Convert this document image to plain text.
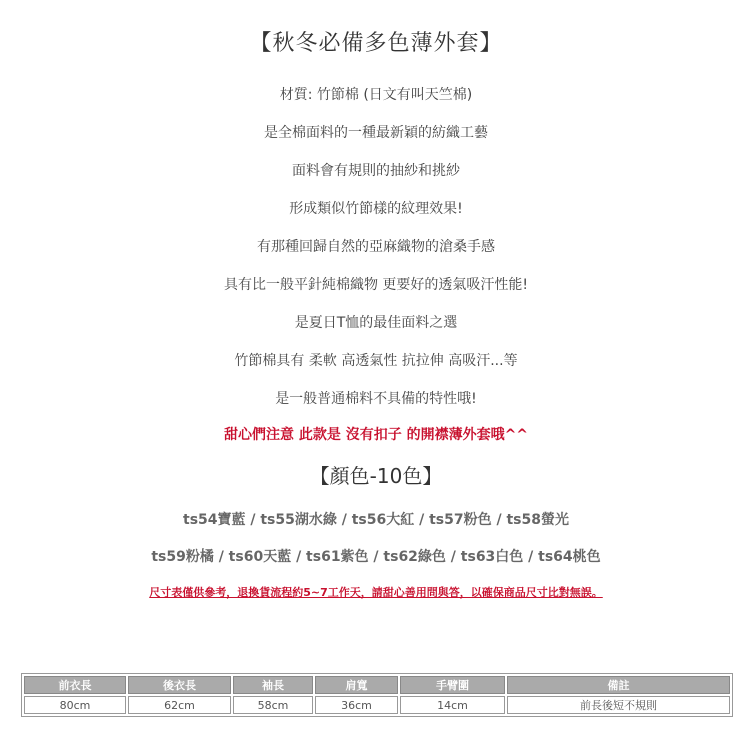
【秋冬必備多色薄外套】
材質: 竹節棉 (日文有叫天竺棉)
是全棉面料的一種最新穎的紡織工藝
面料會有規則的抽紗和挑紗
形成類似竹節樣的紋理效果!
有那種回歸自然的亞麻織物的滄桑手感
具有比一般平針純棉織物 更要好的透氣吸汗性能!
是夏日T恤的最佳面料之選
竹節棉具有 柔軟 高透氣性 抗拉伸 高吸汗...等
是一般普通棉料不具備的特性哦!
甜心們注意 此款是 沒有扣子 的開襟薄外套哦^^
【顏色-10色】
ts54寶藍 / ts55湖水綠 / ts56大紅 / ts57粉色 / ts58螢光
ts59粉橘 / ts60天藍 / ts61紫色 / ts62綠色 / ts63白色 / ts64桃色
尺寸表僅供參考，退換貨流程約5~7工作天，請甜心善用問與答，以確保商品尺寸比對無誤。
前衣長	後衣長	袖長	肩寬	手臂圍	備註
80cm	62cm	58cm	36cm	14cm	前長後短不規則
